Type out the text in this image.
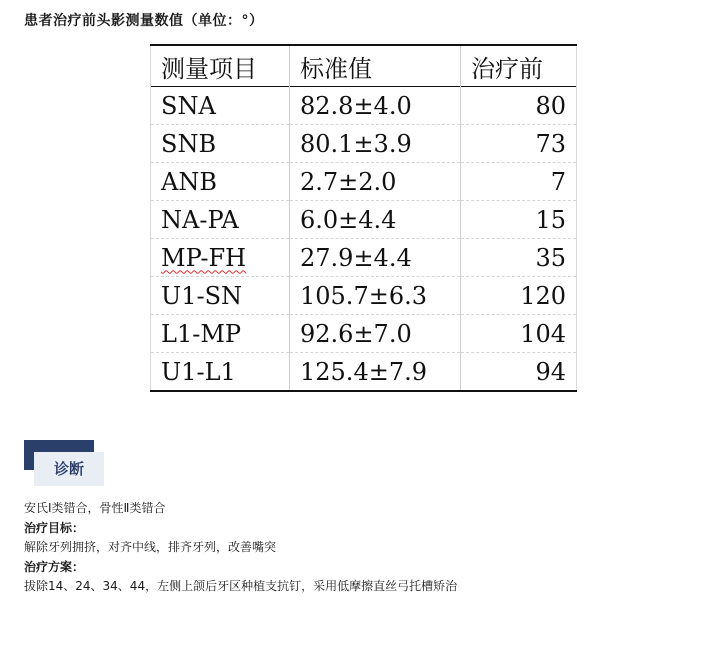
患者治疗前头影测量数值（单位：°）
测量项目	标准值	治疗前
SNA	82.8±4.0	80
SNB	80.1±3.9	73
ANB	2.7±2.0	7
NA-PA	6.0±4.4	15
MP-FH	27.9±4.4	35
U1-SN	105.7±6.3	120
L1-MP	92.6±7.0	104
U1-L1	125.4±7.9	94
诊断
安氏Ⅰ类错合，骨性Ⅱ类错合
治疗目标：
解除牙列拥挤，对齐中线，排齐牙列，改善嘴突
治疗方案：
拔除14、24、34、44，左侧上颌后牙区种植支抗钉，采用低摩擦直丝弓托槽矫治
